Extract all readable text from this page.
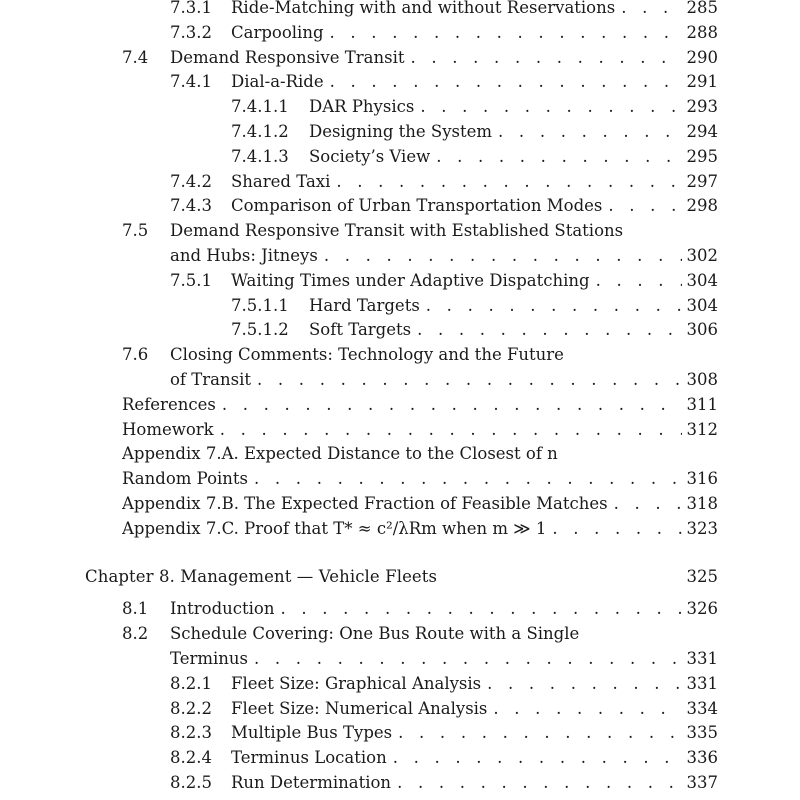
7.3.1 Ride-Matching with and without Reservations . . .	285
7.3.2 Carpooling . . .	288
7.4 Demand Responsive Transit . . .	290
7.4.1 Dial-a-Ride . . .	291
7.4.1.1 DAR Physics . . .	293
7.4.1.2 Designing the System . . .	294
7.4.1.3 Society’s View . . .	295
7.4.2 Shared Taxi . . .	297
7.4.3 Comparison of Urban Transportation Modes . . .	298
7.5 Demand Responsive Transit with Established Stations
and Hubs: Jitneys . . .	302
7.5.1 Waiting Times under Adaptive Dispatching . . .	304
7.5.1.1 Hard Targets . . .	304
7.5.1.2 Soft Targets . . .	306
7.6 Closing Comments: Technology and the Future
of Transit . . .	308
References . . .	311
Homework . . .	312
Appendix 7.A. Expected Distance to the Closest of n
Random Points . . .	316
Appendix 7.B. The Expected Fraction of Feasible Matches . . .	318
Appendix 7.C. Proof that T* ≈ c²/λRm when m ≫ 1 . . .	323
Chapter 8. Management — Vehicle Fleets	325
8.1 Introduction . . .	326
8.2 Schedule Covering: One Bus Route with a Single
Terminus . . .	331
8.2.1 Fleet Size: Graphical Analysis . . .	331
8.2.2 Fleet Size: Numerical Analysis . . .	334
8.2.3 Multiple Bus Types . . .	335
8.2.4 Terminus Location . . .	336
8.2.5 Run Determination . . .	337
